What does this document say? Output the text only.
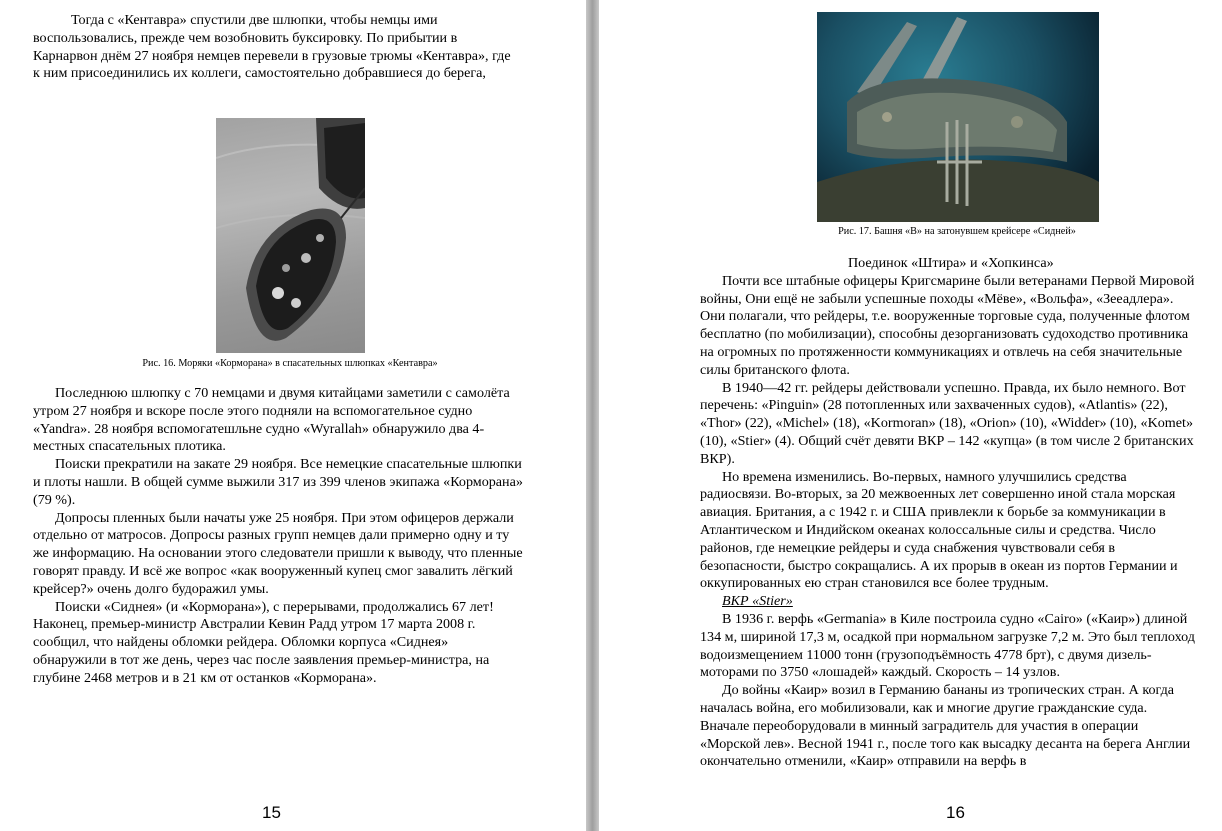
Тогда с «Кентавра» спустили две шлюпки, чтобы немцы ими воспользовались, прежде чем возобновить буксировку. По прибытии в Карнарвон днём 27 ноября немцев перевели в грузовые трюмы «Кентавра», где к ним присоединились их коллеги, самостоятельно добравшиеся до берега,

Рис. 16. Моряки «Корморана» в спасательных шлюпках «Кентавра»

Последнюю шлюпку с 70 немцами и двумя китайцами заметили с самолёта утром 27 ноября и вскоре после этого подняли на вспомогательное судно «Yandra». 28 ноября вспомогатешльне судно «Wyrallah» обнаружило два 4-местных спасательных плотика.

Поиски прекратили на закате 29 ноября. Все немецкие спасательные шлюпки и плоты нашли. В общей сумме выжили 317 из 399 членов экипажа «Корморана» (79 %).

Допросы пленных были начаты уже 25 ноября. При этом офицеров держали отдельно от матросов. Допросы разных групп немцев дали примерно одну и ту же информацию. На основании этого следователи пришли к выводу, что пленные говорят правду. И всё же вопрос «как вооруженный купец смог завалить лёгкий крейсер?» очень долго будоражил умы.

Поиски «Сиднея» (и «Корморана»), с перерывами, продолжались 67 лет! Наконец, премьер-министр Австралии Кевин Радд утром 17 марта 2008 г. сообщил, что найдены обломки рейдера. Обломки корпуса «Сиднея» обнаружили в тот же день, через час после заявления премьер-министра, на глубине 2468 метров и в 21 км от останков «Корморана».

15

Рис. 17. Башня «В» на затонувшем крейсере «Сидней»

Поединок «Штира» и «Хопкинса»

Почти все штабные офицеры Кригсмарине были ветеранами Первой Мировой войны, Они ещё не забыли успешные походы «Мёве», «Вольфа», «Зееадлера». Они полагали, что рейдеры, т.е. вооруженные торговые суда, полученные флотом бесплатно (по мобилизации), способны дезорганизовать судоходство противника на огромных по протяженности коммуникациях и отвлечь на себя значительные силы британского флота.

В 1940—42 гг. рейдеры действовали успешно. Правда, их было немного. Вот перечень: «Pinguin» (28 потопленных или захваченных судов), «Atlantis» (22), «Thor» (22), «Michel» (18), «Kormoran» (18), «Orion» (10), «Widder» (10), «Komet» (10), «Stier» (4). Общий счёт девяти ВКР – 142 «купца» (в том числе 2 британских ВКР).

Но времена изменились. Во-первых, намного улучшились средства радиосвязи. Во-вторых, за 20 межвоенных лет совершенно иной стала морская авиация. Британия, а с 1942 г. и США привлекли к борьбе за коммуникации в Атлантическом и Индийском океанах колоссальные силы и средства. Число районов, где немецкие рейдеры и суда снабжения чувствовали себя в безопасности, быстро сокращались. А их прорыв в океан из портов Германии и оккупированных ею стран становился все более трудным.

ВКР «Stier»

В 1936 г. верфь «Germania» в Киле построила судно «Cairo» («Каир») длиной 134 м, шириной 17,3 м, осадкой при нормальном загрузке 7,2 м. Это был теплоход водоизмещением 11000 тонн (грузоподъёмность 4778 брт), с двумя дизель-моторами по 3750 «лошадей» каждый. Скорость – 14 узлов.

До войны «Каир» возил в Германию бананы из тропических стран. А когда началась война, его мобилизовали, как и многие другие гражданские суда. Вначале переоборудовали в минный заградитель для участия в операции «Морской лев». Весной 1941 г., после того как высадку десанта на берега Англии окончательно отменили, «Каир» отправили на верфь в

16
